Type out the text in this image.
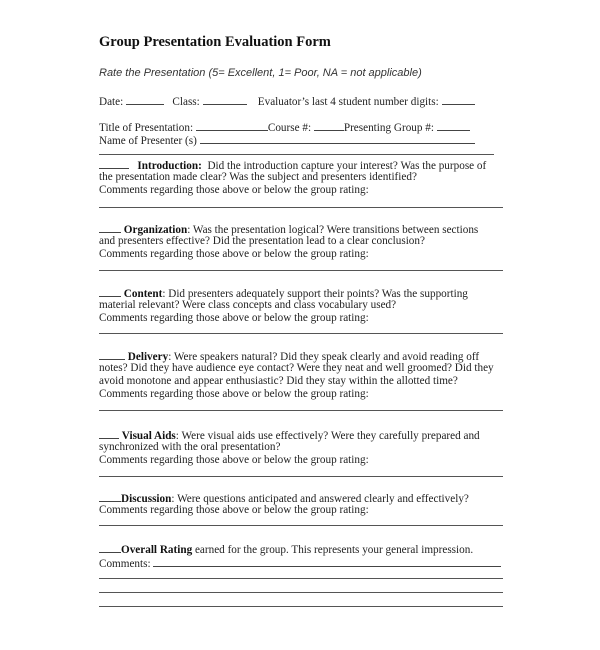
Group Presentation Evaluation Form
Rate the Presentation (5= Excellent, 1= Poor, NA = not applicable)
Date:	Class:	Evaluator’s last 4 student number digits:
Title of Presentation:	Course #:	Presenting Group #:
Name of Presenter (s)
Introduction: Did the introduction capture your interest? Was the purpose of
the presentation made clear? Was the subject and presenters identified?
Comments regarding those above or below the group rating:
Organization: Was the presentation logical? Were transitions between sections
and presenters effective? Did the presentation lead to a clear conclusion?
Comments regarding those above or below the group rating:
Content: Did presenters adequately support their points? Was the supporting
material relevant? Were class concepts and class vocabulary used?
Comments regarding those above or below the group rating:
Delivery: Were speakers natural? Did they speak clearly and avoid reading off
notes? Did they have audience eye contact? Were they neat and well groomed? Did they
avoid monotone and appear enthusiastic? Did they stay within the allotted time?
Comments regarding those above or below the group rating:
Visual Aids: Were visual aids use effectively? Were they carefully prepared and
synchronized with the oral presentation?
Comments regarding those above or below the group rating:
Discussion: Were questions anticipated and answered clearly and effectively?
Comments regarding those above or below the group rating:
Overall Rating earned for the group. This represents your general impression.
Comments:
